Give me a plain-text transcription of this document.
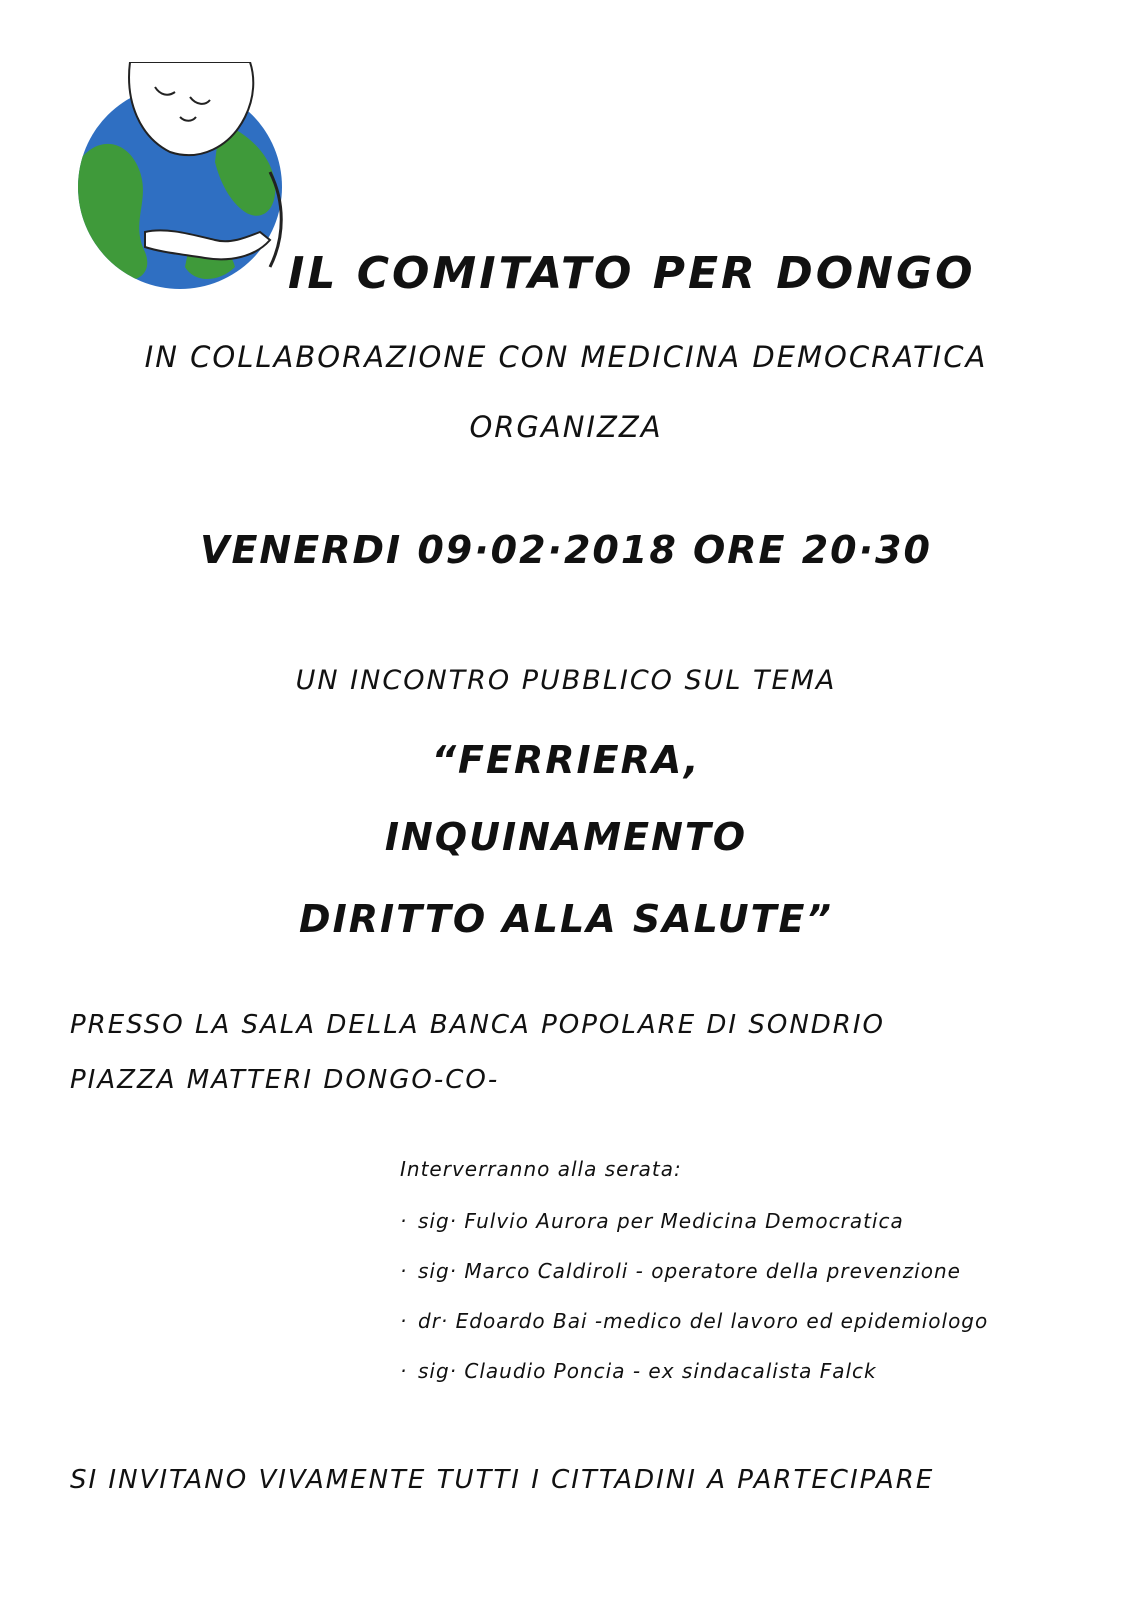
IL COMITATO PER DONGO
IN COLLABORAZIONE CON MEDICINA DEMOCRATICA
ORGANIZZA
VENERDI 09·02·2018 ORE 20·30
UN INCONTRO PUBBLICO SUL TEMA
“FERRIERA,
INQUINAMENTO
DIRITTO ALLA SALUTE”
PRESSO LA SALA DELLA BANCA POPOLARE DI SONDRIO
PIAZZA MATTERI DONGO-CO-
Interverranno alla serata:
· sig· Fulvio Aurora per Medicina Democratica
· sig· Marco Caldiroli - operatore della prevenzione
· dr· Edoardo Bai -medico del lavoro ed epidemiologo
· sig· Claudio Poncia - ex sindacalista Falck
SI INVITANO VIVAMENTE TUTTI I CITTADINI A PARTECIPARE
